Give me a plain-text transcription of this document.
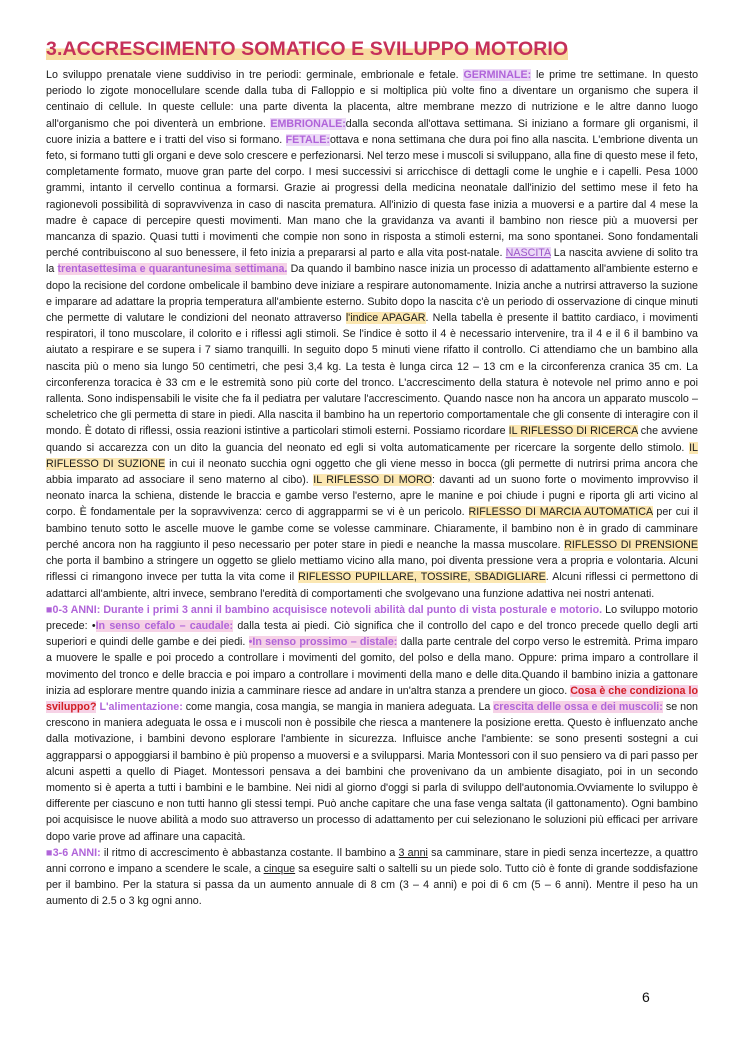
3.ACCRESCIMENTO SOMATICO E SVILUPPO MOTORIO

Lo sviluppo prenatale viene suddiviso in tre periodi: germinale, embrionale e fetale. GERMINALE: le prime tre settimane. In questo periodo lo zigote monocellulare scende dalla tuba di Falloppio e si moltiplica più volte fino a diventare un organismo che supera il centinaio di cellule. In queste cellule: una parte diventa la placenta, altre membrane mezzo di nutrizione e le altre danno luogo all'organismo che poi diventerà un embrione. EMBRIONALE:dalla seconda all'ottava settimana. Si iniziano a formare gli organismi, il cuore inizia a battere e i tratti del viso si formano. FETALE:ottava e nona settimana che dura poi fino alla nascita. L'embrione diventa un feto, si formano tutti gli organi e deve solo crescere e perfezionarsi. Nel terzo mese i muscoli si sviluppano, alla fine di questo mese il feto, completamente formato, muove gran parte del corpo. I mesi successivi si arricchisce di dettagli come le unghie e i capelli. Pesa 1000 grammi, intanto il cervello continua a formarsi. Grazie ai progressi della medicina neonatale dall'inizio del settimo mese il feto ha ragionevoli possibilità di sopravvivenza in caso di nascita prematura. All'inizio di questa fase inizia a muoversi e a partire dal 4 mese la madre è capace di percepire questi movimenti. Man mano che la gravidanza va avanti il bambino non riesce più a muoversi per mancanza di spazio. Quasi tutti i movimenti che compie non sono in risposta a stimoli esterni, ma sono spontanei. Sono fondamentali perché contribuiscono al suo benessere, il feto inizia a prepararsi al parto e alla vita post-natale. NASCITA La nascita avviene di solito tra la trentasettesima e quarantunesima settimana. Da quando il bambino nasce inizia un processo di adattamento all'ambiente esterno e dopo la recisione del cordone ombelicale il bambino deve iniziare a respirare autonomamente. Inizia anche a nutrirsi attraverso la suzione e imparare ad adattare la propria temperatura all'ambiente esterno. Subito dopo la nascita c'è un periodo di osservazione di cinque minuti che permette di valutare le condizioni del neonato attraverso l'indice APAGAR. Nella tabella è presente il battito cardiaco, i movimenti respiratori, il tono muscolare, il colorito e i riflessi agli stimoli. Se l'indice è sotto il 4 è necessario intervenire, tra il 4 e il 6 il bambino va aiutato a respirare e se supera i 7 siamo tranquilli. In seguito dopo 5 minuti viene rifatto il controllo. Ci attendiamo che un bambino alla nascita più o meno sia lungo 50 centimetri, che pesi 3,4 kg. La testa è lunga circa 12 – 13 cm e la circonferenza cranica 35 cm. La circonferenza toracica è 33 cm e le estremità sono più corte del tronco. L'accrescimento della statura è notevole nel primo anno e poi rallenta. Sono indispensabili le visite che fa il pediatra per valutare l'accrescimento. Quando nasce non ha ancora un apparato muscolo – scheletrico che gli permetta di stare in piedi. Alla nascita il bambino ha un repertorio comportamentale che gli consente di interagire con il mondo. È dotato di riflessi, ossia reazioni istintive a particolari stimoli esterni. Possiamo ricordare IL RIFLESSO DI RICERCA che avviene quando si accarezza con un dito la guancia del neonato ed egli si volta automaticamente per ricercare la sorgente dello stimolo. IL RIFLESSO DI SUZIONE in cui il neonato succhia ogni oggetto che gli viene messo in bocca (gli permette di nutrirsi prima ancora che abbia imparato ad associare il seno materno al cibo). IL RIFLESSO DI MORO: davanti ad un suono forte o movimento improvviso il neonato inarca la schiena, distende le braccia e gambe verso l'esterno, apre le manine e poi chiude i pugni e riporta gli arti vicino al corpo. È fondamentale per la sopravvivenza: cerco di aggrapparmi se vi è un pericolo. RIFLESSO DI MARCIA AUTOMATICA per cui il bambino tenuto sotto le ascelle muove le gambe come se volesse camminare. Chiaramente, il bambino non è in grado di camminare perché ancora non ha raggiunto il peso necessario per poter stare in piedi e neanche la massa muscolare. RIFLESSO DI PRENSIONE che porta il bambino a stringere un oggetto se glielo mettiamo vicino alla mano, poi diventa pressione vera a propria e volontaria. Alcuni riflessi ci rimangono invece per tutta la vita come il RIFLESSO PUPILLARE, TOSSIRE, SBADIGLIARE. Alcuni riflessi ci permettono di adattarci all'ambiente, altri invece, sembrano l'eredità di comportamenti che svolgevano una funzione adattiva nei nostri antenati.

■0-3 ANNI: Durante i primi 3 anni il bambino acquisisce notevoli abilità dal punto di vista posturale e motorio. Lo sviluppo motorio precede: •In senso cefalo – caudale: dalla testa ai piedi. Ciò significa che il controllo del capo e del tronco precede quello degli arti superiori e quindi delle gambe e dei piedi. •In senso prossimo – distale: dalla parte centrale del corpo verso le estremità. Prima imparo a muovere le spalle e poi procedo a controllare i movimenti del gomito, del polso e della mano. Oppure: prima imparo a controllare il movimento del tronco e delle braccia e poi imparo a controllare i movimenti della mano e delle dita.Quando il bambino inizia a gattonare inizia ad esplorare mentre quando inizia a camminare riesce ad andare in un'altra stanza a prendere un gioco. Cosa è che condiziona lo sviluppo? L'alimentazione: come mangia, cosa mangia, se mangia in maniera adeguata. La crescita delle ossa e dei muscoli: se non crescono in maniera adeguata le ossa e i muscoli non è possibile che riesca a mantenere la posizione eretta. Questo è influenzato anche dalla motivazione, i bambini devono esplorare l'ambiente in sicurezza. Influisce anche l'ambiente: se sono presenti sostegni a cui aggrapparsi o appoggiarsi il bambino è più propenso a muoversi e a svilupparsi. Maria Montessori con il suo pensiero va di pari passo per alcuni aspetti a quello di Piaget. Montessori pensava a dei bambini che provenivano da un ambiente disagiato, poi in un secondo momento si è aperta a tutti i bambini e le bambine. Nei nidi al giorno d'oggi si parla di sviluppo dell'autonomia.Ovviamente lo sviluppo è differente per ciascuno e non tutti hanno gli stessi tempi. Può anche capitare che una fase venga saltata (il gattonamento). Ogni bambino poi acquisisce le nuove abilità a modo suo attraverso un processo di adattamento per cui selezionano le soluzioni più efficaci per arrivare dopo varie prove ad affinare una capacità.

■3-6 ANNI: il ritmo di accrescimento è abbastanza costante. Il bambino a 3 anni sa camminare, stare in piedi senza incertezze, a quattro anni corrono e impano a scendere le scale, a cinque sa eseguire salti o saltelli su un piede solo. Tutto ciò è fonte di grande soddisfazione per il bambino. Per la statura si passa da un aumento annuale di 8 cm (3 – 4 anni) e poi di 6 cm (5 – 6 anni). Mentre il peso ha un aumento di 2.5 o 3 kg ogni anno.

6
